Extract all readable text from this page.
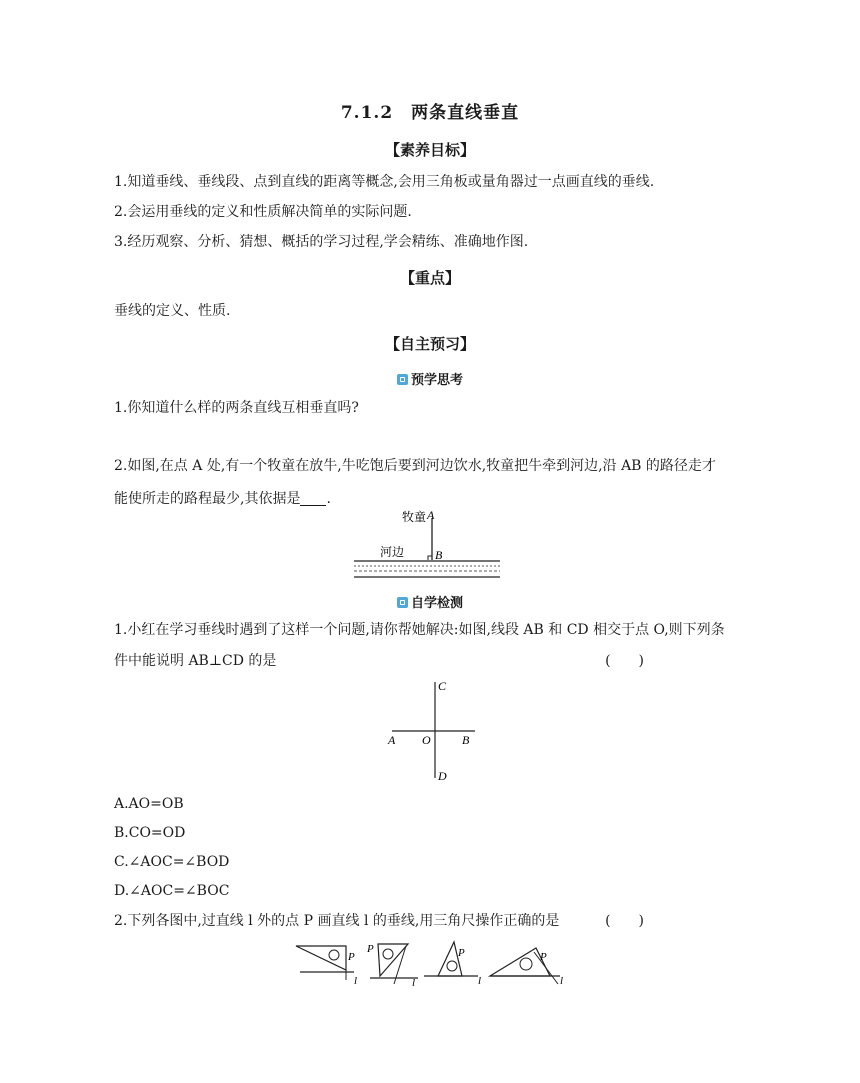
7.1.2　两条直线垂直
【素养目标】
1.知道垂线、垂线段、点到直线的距离等概念,会用三角板或量角器过一点画直线的垂线.
2.会运用垂线的定义和性质解决简单的实际问题.
3.经历观察、分析、猜想、概括的学习过程,学会精练、准确地作图.
【重点】
垂线的定义、性质.
【自主预习】
预学思考
1.你知道什么样的两条直线互相垂直吗?
2.如图,在点 A 处,有一个牧童在放牛,牛吃饱后要到河边饮水,牧童把牛牵到河边,沿 AB 的路径走才
能使所走的路程最少,其依据是 .
牧童 A
河边	B
自学检测
1.小红在学习垂线时遇到了这样一个问题,请你帮她解决:如图,线段 AB 和 CD 相交于点 O,则下列条
件中能说明 AB⊥CD 的是	(　　)
C
A O	B
D
A.AO=OB
B.CO=OD
C.∠AOC=∠BOD
D.∠AOC=∠BOC
2.下列各图中,过直线 l 外的点 P 画直线 l 的垂线,用三角尺操作正确的是	(　　)
P
l
P
l
P
l
P
l
